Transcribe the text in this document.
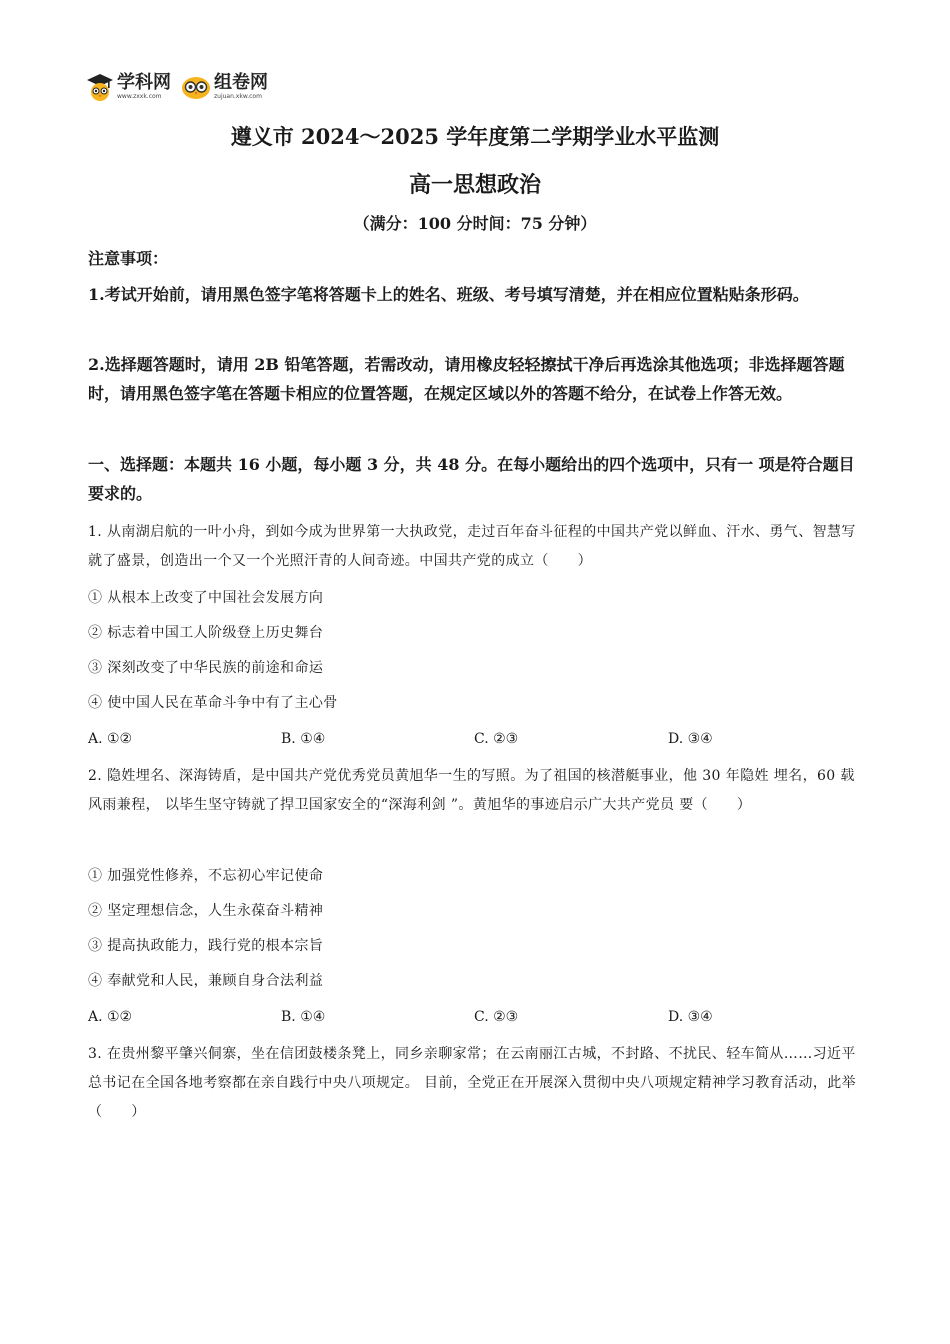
学科网
www.zxxk.com
组卷网
zujuan.xkw.com
遵义市 2024～2025 学年度第二学期学业水平监测
高一思想政治
（满分：100 分时间：75 分钟）
注意事项：
1.考试开始前，请用黑色签字笔将答题卡上的姓名、班级、考号填写清楚，并在相应位置粘贴条形码。
2.选择题答题时，请用 2B 铅笔答题，若需改动，请用橡皮轻轻擦拭干净后再选涂其他选项；非选择题答题时，请用黑色签字笔在答题卡相应的位置答题，在规定区域以外的答题不给分，在试卷上作答无效。
一、选择题：本题共 16 小题，每小题 3 分，共 48 分。在每小题给出的四个选项中，只有一 项是符合题目要求的。
1. 从南湖启航的一叶小舟，到如今成为世界第一大执政党，走过百年奋斗征程的中国共产党以鲜血、汗水、勇气、智慧写就了盛景，创造出一个又一个光照汗青的人间奇迹。中国共产党的成立（　　）
① 从根本上改变了中国社会发展方向
② 标志着中国工人阶级登上历史舞台
③ 深刻改变了中华民族的前途和命运
④ 使中国人民在革命斗争中有了主心骨
A. ①②	B. ①④	C. ②③	D. ③④
2. 隐姓埋名、深海铸盾，是中国共产党优秀党员黄旭华一生的写照。为了祖国的核潜艇事业，他 30 年隐姓 埋名，60 载风雨兼程， 以毕生坚守铸就了捍卫国家安全的“深海利剑 ”。黄旭华的事迹启示广大共产党员 要（　　）
① 加强党性修养，不忘初心牢记使命
② 坚定理想信念，人生永葆奋斗精神
③ 提高执政能力，践行党的根本宗旨
④ 奉献党和人民，兼顾自身合法利益
A. ①②	B. ①④	C. ②③	D. ③④
3. 在贵州黎平肇兴侗寨，坐在信团鼓楼条凳上，同乡亲聊家常；在云南丽江古城，不封路、不扰民、轻车简从……习近平总书记在全国各地考察都在亲自践行中央八项规定。 目前，全党正在开展深入贯彻中央八项规定精神学习教育活动，此举（　　）
